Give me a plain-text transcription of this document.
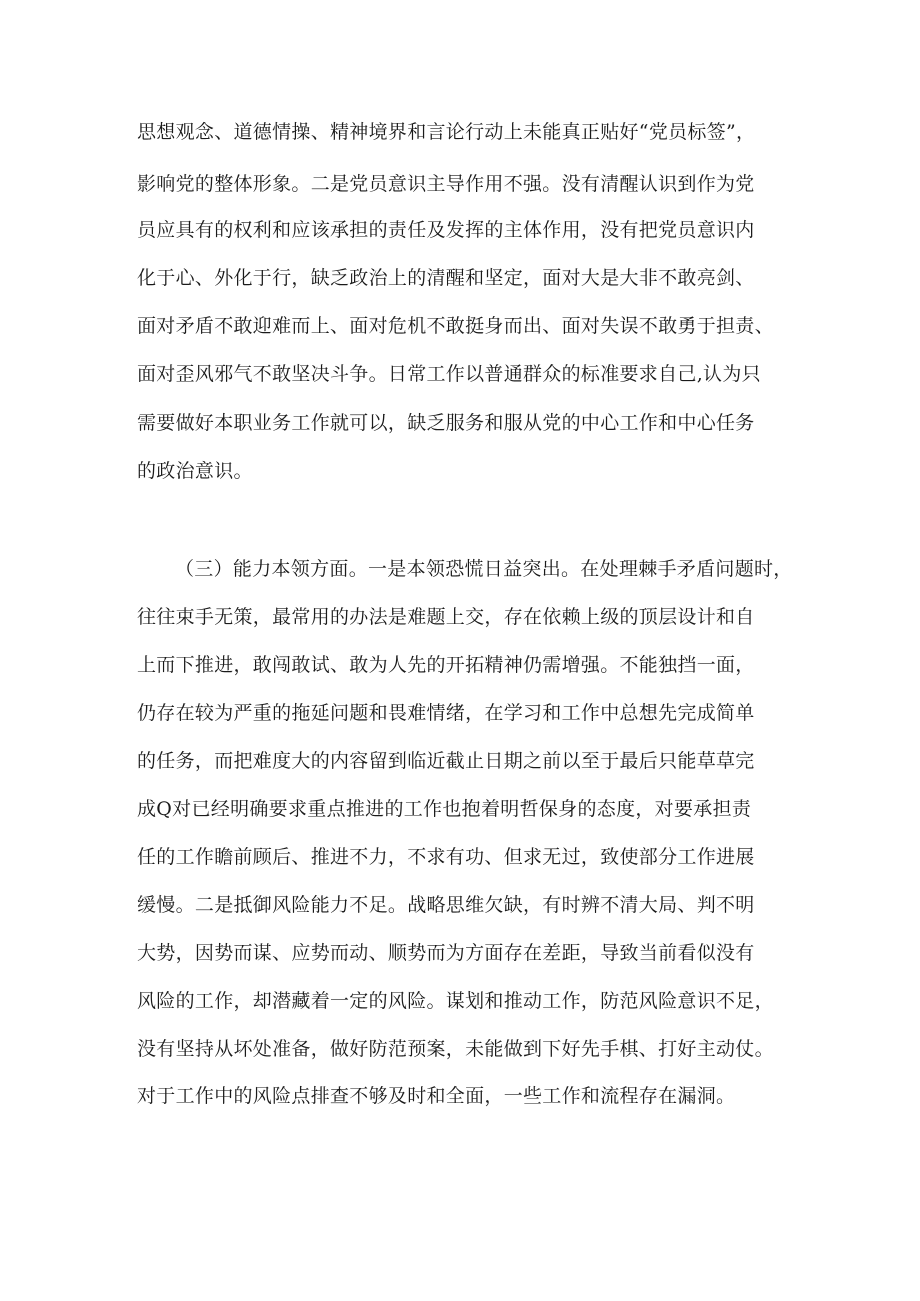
思想观念、道德情操、精神境界和言论行动上未能真正贴好“党员标签”，
影响党的整体形象。二是党员意识主导作用不强。没有清醒认识到作为党
员应具有的权利和应该承担的责任及发挥的主体作用，没有把党员意识内
化于心、外化于行，缺乏政治上的清醒和坚定，面对大是大非不敢亮剑、
面对矛盾不敢迎难而上、面对危机不敢挺身而出、面对失误不敢勇于担责、
面对歪风邪气不敢坚决斗争。日常工作以普通群众的标准要求自己,认为只
需要做好本职业务工作就可以，缺乏服务和服从党的中心工作和中心任务
的政治意识。
（三）能力本领方面。一是本领恐慌日益突出。在处理棘手矛盾问题时，
往往束手无策，最常用的办法是难题上交，存在依赖上级的顶层设计和自
上而下推进，敢闯敢试、敢为人先的开拓精神仍需增强。不能独挡一面，
仍存在较为严重的拖延问题和畏难情绪，在学习和工作中总想先完成简单
的任务，而把难度大的内容留到临近截止日期之前以至于最后只能草草完
成Q对已经明确要求重点推进的工作也抱着明哲保身的态度，对要承担责
任的工作瞻前顾后、推进不力，不求有功、但求无过，致使部分工作进展
缓慢。二是抵御风险能力不足。战略思维欠缺，有时辨不清大局、判不明
大势，因势而谋、应势而动、顺势而为方面存在差距，导致当前看似没有
风险的工作，却潜藏着一定的风险。谋划和推动工作，防范风险意识不足，
没有坚持从坏处准备，做好防范预案，未能做到下好先手棋、打好主动仗。
对于工作中的风险点排查不够及时和全面，一些工作和流程存在漏洞。
